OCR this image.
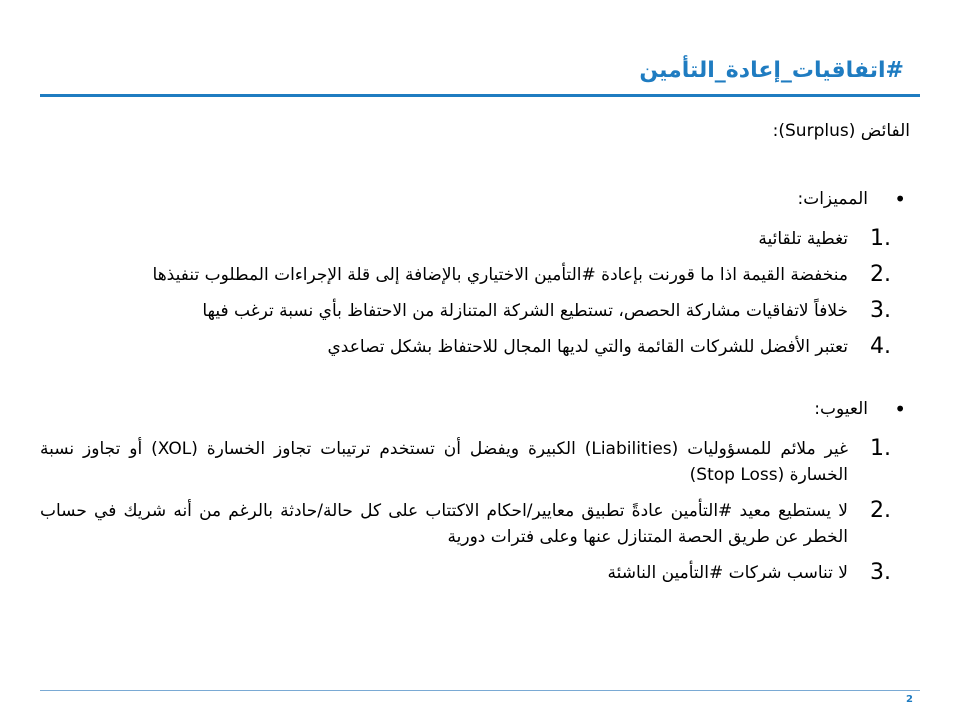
#اتفاقيات_إعادة_التأمين
الفائض (Surplus):
•
المميزات:
.1
تغطية تلقائية
.2
منخفضة القيمة اذا ما قورنت بإعادة #التأمين الاختياري بالإضافة إلى قلة الإجراءات المطلوب تنفيذها
.3
خلافاً لاتفاقيات مشاركة الحصص، تستطيع الشركة المتنازلة من الاحتفاظ بأي نسبة ترغب فيها
.4
تعتبر الأفضل للشركات القائمة والتي لديها المجال للاحتفاظ بشكل تصاعدي
•
العيوب:
.1
غير ملائم للمسؤوليات (Liabilities) الكبيرة ويفضل أن تستخدم ترتيبات تجاوز الخسارة (XOL) أو تجاوز نسبة الخسارة (Stop Loss)
.2
لا يستطيع معيد #التأمين عادةً تطبيق معايير/احكام الاكتتاب على كل حالة/حادثة بالرغم من أنه شريك في حساب الخطر عن طريق الحصة المتنازل عنها وعلى فترات دورية
.3
لا تناسب شركات #التأمين الناشئة
2
